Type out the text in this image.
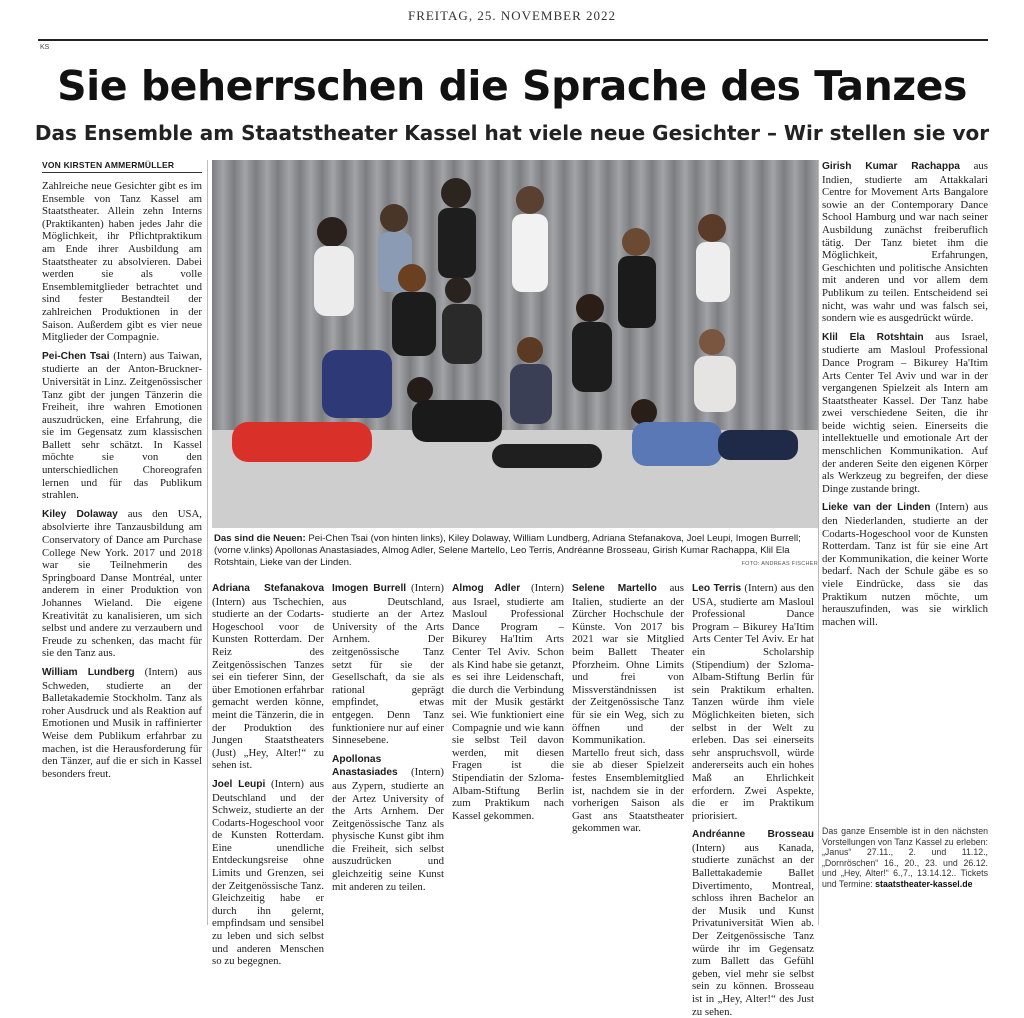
FREITAG, 25. NOVEMBER 2022
KS
Sie beherrschen die Sprache des Tanzes
Das Ensemble am Staatstheater Kassel hat viele neue Gesichter – Wir stellen sie vor
VON KIRSTEN AMMERMÜLLER

Zahlreiche neue Gesichter gibt es im Ensemble von Tanz Kassel am Staatstheater. Allein zehn Interns (Praktikanten) haben jedes Jahr die Möglichkeit, ihr Pflichtpraktikum am Ende ihrer Ausbildung am Staatstheater zu absolvieren. Dabei werden sie als volle Ensemblemitglieder betrachtet und sind fester Bestandteil der zahlreichen Produktionen in der Saison. Außerdem gibt es vier neue Mitglieder der Compagnie.

Pei-Chen Tsai (Intern) aus Taiwan, studierte an der Anton-Bruckner-Universität in Linz. Zeitgenössischer Tanz gibt der jungen Tänzerin die Freiheit, ihre wahren Emotionen auszudrücken, eine Erfahrung, die sie im Gegensatz zum klassischen Ballett sehr schätzt. In Kassel möchte sie von den unterschiedlichen Choreografen lernen und für das Publikum strahlen.

Kiley Dolaway aus den USA, absolvierte ihre Tanzausbildung am Conservatory of Dance am Purchase College New York. 2017 und 2018 war sie Teilnehmerin des Springboard Danse Montréal, unter anderem in einer Produktion von Johannes Wieland. Die eigene Kreativität zu kanalisieren, um sich selbst und andere zu verzaubern und Freude zu schenken, das macht für sie den Tanz aus.

William Lundberg (Intern) aus Schweden, studierte an der Balletakademie Stockholm. Tanz als roher Ausdruck und als Reaktion auf Emotionen und Musik in raffinierter Weise dem Publikum erfahrbar zu machen, ist die Herausforderung für den Tänzer, auf die er sich in Kassel besonders freut.

Das sind die Neuen: Pei-Chen Tsai (von hinten links), Kiley Dolaway, William Lundberg, Adriana Stefanakova, Joel Leupi, Imogen Burrell; (vorne v.links) Apollonas Anastasiades, Almog Adler, Selene Martello, Leo Terris, Andréanne Brosseau, Girish Kumar Rachappa, Klil Ela Rotshtain, Lieke van der Linden.	FOTO: ANDREAS FISCHER

Adriana Stefanakova (Intern) aus Tschechien, studierte an der Codarts-Hogeschool voor de Kunsten Rotterdam. Der Reiz des Zeitgenössischen Tanzes sei ein tieferer Sinn, der über Emotionen erfahrbar gemacht werden könne, meint die Tänzerin, die in der Produktion des Jungen Staatstheaters (Just) „Hey, Alter!“ zu sehen ist.

Joel Leupi (Intern) aus Deutschland und der Schweiz, studierte an der Codarts-Hogeschool voor de Kunsten Rotterdam. Eine unendliche Entdeckungsreise ohne Limits und Grenzen, sei der Zeitgenössische Tanz. Gleichzeitig habe er durch ihn gelernt, empfindsam und sensibel zu leben und sich selbst und anderen Menschen so zu begegnen.

Imogen Burrell (Intern) aus Deutschland, studierte an der Artez University of the Arts Arnhem. Der zeitgenössische Tanz setzt für sie der Gesellschaft, da sie als rational geprägt empfindet, etwas entgegen. Denn Tanz funktioniere nur auf einer Sinnesebene.

Apollonas Anastasiades (Intern) aus Zypern, studierte an der Artez University of the Arts Arnhem. Der Zeitgenössische Tanz als physische Kunst gibt ihm die Freiheit, sich selbst auszudrücken und gleichzeitig seine Kunst mit anderen zu teilen.

Almog Adler (Intern) aus Israel, studierte am Masloul Professional Dance Program – Bikurey Ha'Itim Arts Center Tel Aviv. Schon als Kind habe sie getanzt, es sei ihre Leidenschaft, die durch die Verbindung mit der Musik gestärkt sei. Wie funktioniert eine Compagnie und wie kann sie selbst Teil davon werden, mit diesen Fragen ist die Stipendiatin der Szloma-Albam-Stiftung Berlin zum Praktikum nach Kassel gekommen.

Selene Martello aus Italien, studierte an der Zürcher Hochschule der Künste. Von 2017 bis 2021 war sie Mitglied beim Ballett Theater Pforzheim. Ohne Limits und frei von Missverständnissen ist der Zeitgenössische Tanz für sie ein Weg, sich zu öffnen und der Kommunikation. Martello freut sich, dass sie ab dieser Spielzeit festes Ensemblemitglied ist, nachdem sie in der vorherigen Saison als Gast ans Staatstheater gekommen war.

Leo Terris (Intern) aus den USA, studierte am Masloul Professional Dance Program – Bikurey Ha'Itim Arts Center Tel Aviv. Er hat ein Scholarship (Stipendium) der Szloma-Albam-Stiftung Berlin für sein Praktikum erhalten. Tanzen würde ihm viele Möglichkeiten bieten, sich selbst in der Welt zu erleben. Das sei einerseits sehr anspruchsvoll, würde andererseits auch ein hohes Maß an Ehrlichkeit erfordern. Zwei Aspekte, die er im Praktikum priorisiert.

Andréanne Brosseau (Intern) aus Kanada, studierte zunächst an der Ballettakademie Ballet Divertimento, Montreal, schloss ihren Bachelor an der Musik und Kunst Privatuniversität Wien ab. Der Zeitgenössische Tanz würde ihr im Gegensatz zum Ballett das Gefühl geben, viel mehr sie selbst sein zu können. Brosseau ist in „Hey, Alter!“ des Just zu sehen.

Girish Kumar Rachappa aus Indien, studierte am Attakkalari Centre for Movement Arts Bangalore sowie an der Contemporary Dance School Hamburg und war nach seiner Ausbildung zunächst freiberuflich tätig. Der Tanz bietet ihm die Möglichkeit, Erfahrungen, Geschichten und politische Ansichten mit anderen und vor allem dem Publikum zu teilen. Entscheidend sei nicht, was wahr und was falsch sei, sondern wie es ausgedrückt würde.

Klil Ela Rotshtain aus Israel, studierte am Masloul Professional Dance Program – Bikurey Ha'Itim Arts Center Tel Aviv und war in der vergangenen Spielzeit als Intern am Staatstheater Kassel. Der Tanz habe zwei verschiedene Seiten, die ihr beide wichtig seien. Einerseits die intellektuelle und emotionale Art der menschlichen Kommunikation. Auf der anderen Seite den eigenen Körper als Werkzeug zu begreifen, der diese Dinge zustande bringt.

Lieke van der Linden (Intern) aus den Niederlanden, studierte an der Codarts-Hogeschool voor de Kunsten Rotterdam. Tanz ist für sie eine Art der Kommunikation, die keiner Worte bedarf. Nach der Schule gäbe es so viele Eindrücke, dass sie das Praktikum nutzen möchte, um herauszufinden, was sie wirklich machen will.

Das ganze Ensemble ist in den nächsten Vorstellungen von Tanz Kassel zu erleben: „Janus“ 27.11., 2. und 11.12., „Dornröschen“ 16., 20., 23. und 26.12. und „Hey, Alter!“ 6.,7., 13.14.12.. Tickets und Termine: staatstheater-kassel.de
